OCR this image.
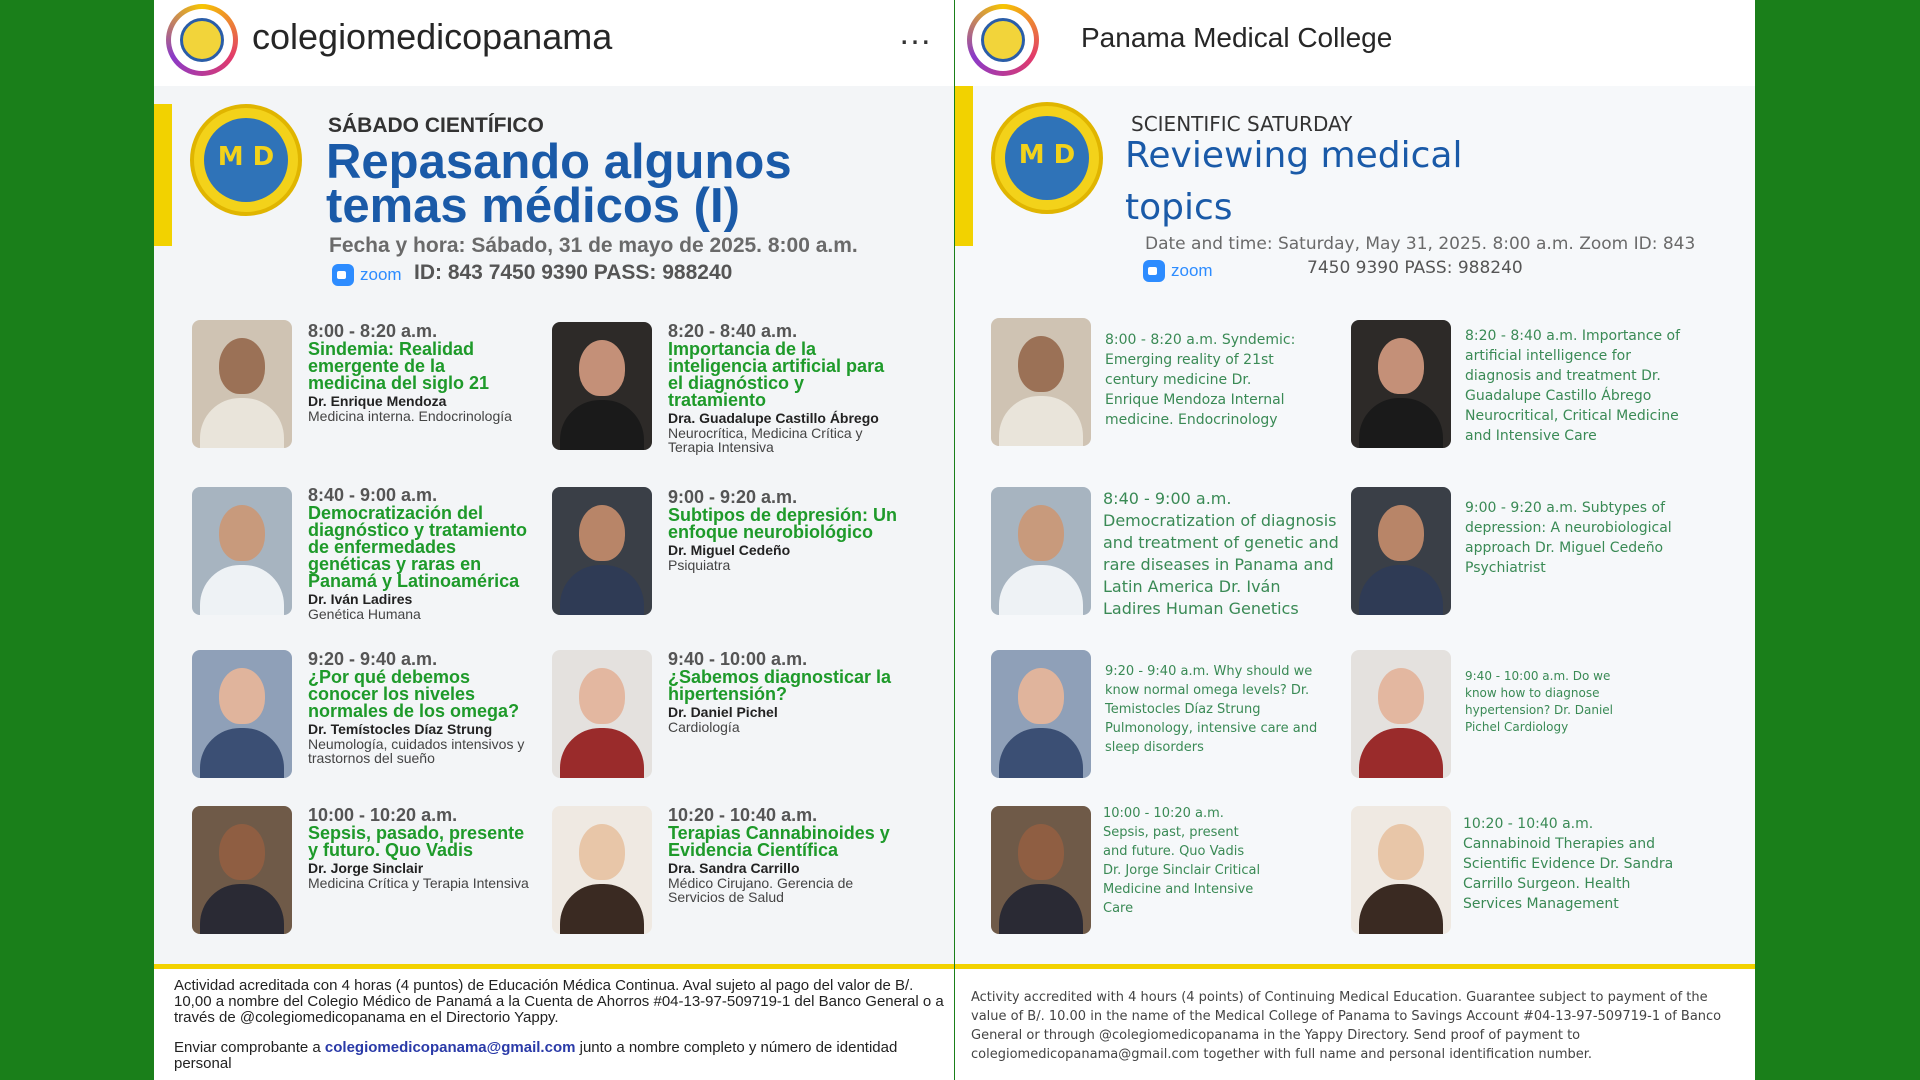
colegiomedicopanama	…
M D
SÁBADO CIENTÍFICO
Repasando algunos
temas médicos (I)
Fecha y hora: Sábado, 31 de mayo de 2025. 8:00 a.m.
zoom ID: 843 7450 9390 PASS: 988240
8:00 - 8:20 a.m.
Sindemia: Realidad emergente de la medicina del siglo 21
Dr. Enrique Mendoza
Medicina interna. Endocrinología
8:20 - 8:40 a.m.
Importancia de la inteligencia artificial para el diagnóstico y tratamiento
Dra. Guadalupe Castillo Ábrego
Neurocrítica, Medicina Crítica y Terapia Intensiva
8:40 - 9:00 a.m.
Democratización del diagnóstico y tratamiento de enfermedades genéticas y raras en Panamá y Latinoamérica
Dr. Iván Ladires
Genética Humana
9:00 - 9:20 a.m.
Subtipos de depresión: Un enfoque neurobiológico
Dr. Miguel Cedeño
Psiquiatra
9:20 - 9:40 a.m.
¿Por qué debemos conocer los niveles normales de los omega?
Dr. Temístocles Díaz Strung
Neumología, cuidados intensivos y trastornos del sueño
9:40 - 10:00 a.m.
¿Sabemos diagnosticar la hipertensión?
Dr. Daniel Pichel
Cardiología
10:00 - 10:20 a.m.
Sepsis, pasado, presente y futuro. Quo Vadis
Dr. Jorge Sinclair
Medicina Crítica y Terapia Intensiva
10:20 - 10:40 a.m.
Terapias Cannabinoides y Evidencia Científica
Dra. Sandra Carrillo
Médico Cirujano. Gerencia de Servicios de Salud
Actividad acreditada con 4 horas (4 puntos) de Educación Médica Continua. Aval sujeto al pago del valor de B/. 10,00 a nombre del Colegio Médico de Panamá a la Cuenta de Ahorros #04-13-97-509719-1 del Banco General o a través de @colegiomedicopanama en el Directorio Yappy.
Enviar comprobante a colegiomedicopanama@gmail.com junto a nombre completo y número de identidad personal
Panama Medical College
M D
SCIENTIFIC SATURDAY
Reviewing medical
topics
Date and time: Saturday, May 31, 2025. 8:00 a.m. Zoom ID: 843
zoom	7450 9390 PASS: 988240
8:00 - 8:20 a.m. Syndemic: Emerging reality of 21st century medicine Dr. Enrique Mendoza Internal medicine. Endocrinology
8:20 - 8:40 a.m. Importance of artificial intelligence for diagnosis and treatment Dr. Guadalupe Castillo Ábrego Neurocritical, Critical Medicine and Intensive Care
8:40 - 9:00 a.m. Democratization of diagnosis and treatment of genetic and rare diseases in Panama and Latin America Dr. Iván Ladires Human Genetics
9:00 - 9:20 a.m. Subtypes of depression: A neurobiological approach Dr. Miguel Cedeño Psychiatrist
9:20 - 9:40 a.m. Why should we know normal omega levels? Dr. Temistocles Díaz Strung Pulmonology, intensive care and sleep disorders
9:40 - 10:00 a.m. Do we know how to diagnose hypertension? Dr. Daniel Pichel Cardiology
10:00 - 10:20 a.m. Sepsis, past, present and future. Quo Vadis Dr. Jorge Sinclair Critical Medicine and Intensive Care
10:20 - 10:40 a.m. Cannabinoid Therapies and Scientific Evidence Dr. Sandra Carrillo Surgeon. Health Services Management
Activity accredited with 4 hours (4 points) of Continuing Medical Education. Guarantee subject to payment of the value of B/. 10.00 in the name of the Medical College of Panama to Savings Account #04-13-97-509719-1 of Banco General or through @colegiomedicopanama in the Yappy Directory. Send proof of payment to colegiomedicopanama@gmail.com together with full name and personal identification number.
